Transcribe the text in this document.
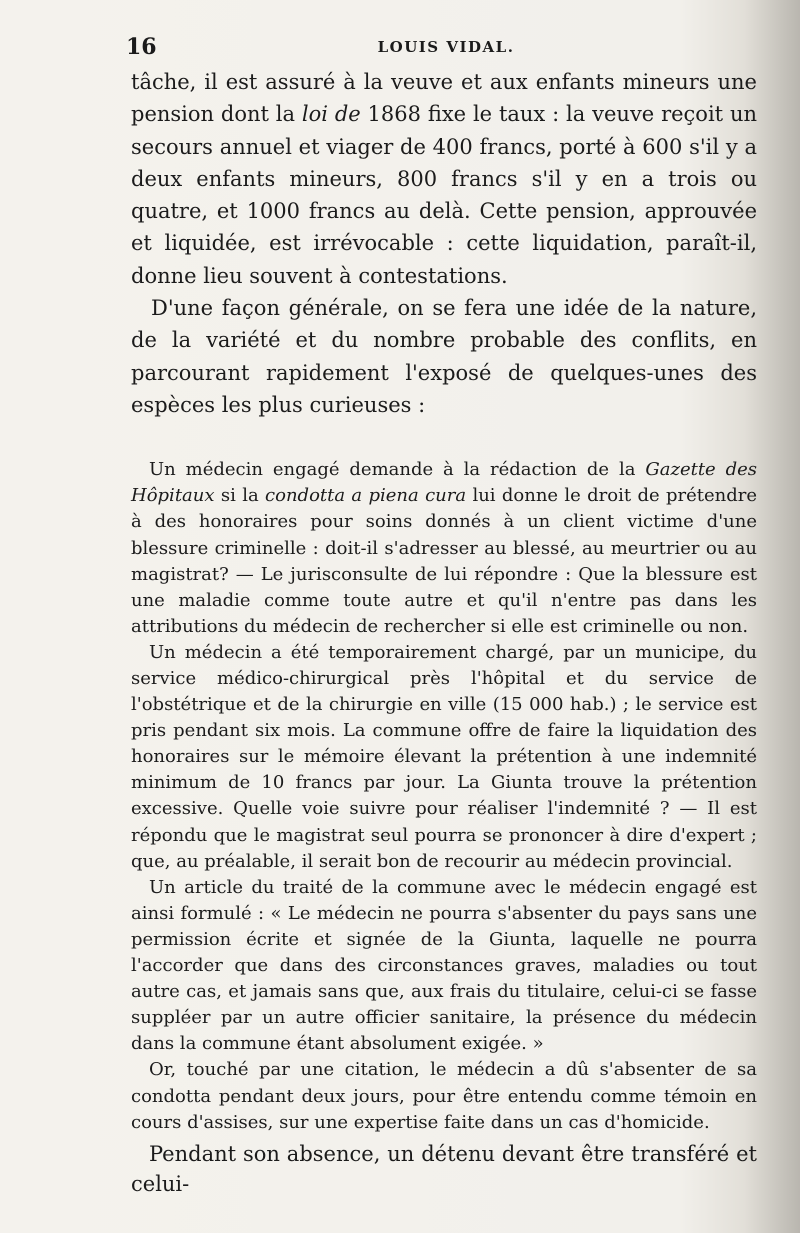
16	LOUIS VIDAL.

tâche, il est assuré à la veuve et aux enfants mineurs une pension dont la loi de 1868 fixe le taux : la veuve reçoit un secours annuel et viager de 400 francs, porté à 600 s'il y a deux enfants mineurs, 800 francs s'il y en a trois ou quatre, et 1000 francs au delà. Cette pension, approuvée et liquidée, est irrévocable : cette liquidation, paraît-il, donne lieu souvent à contestations.

D'une façon générale, on se fera une idée de la nature, de la variété et du nombre probable des conflits, en parcourant rapidement l'exposé de quelques-unes des espèces les plus curieuses :

Un médecin engagé demande à la rédaction de la Gazette des Hôpitaux si la condotta a piena cura lui donne le droit de prétendre à des honoraires pour soins donnés à un client victime d'une blessure criminelle : doit-il s'adresser au blessé, au meurtrier ou au magistrat? — Le jurisconsulte de lui répondre : Que la blessure est une maladie comme toute autre et qu'il n'entre pas dans les attributions du médecin de rechercher si elle est criminelle ou non.

Un médecin a été temporairement chargé, par un municipe, du service médico-chirurgical près l'hôpital et du service de l'obstétrique et de la chirurgie en ville (15 000 hab.) ; le service est pris pendant six mois. La commune offre de faire la liquidation des honoraires sur le mémoire élevant la prétention à une indemnité minimum de 10 francs par jour. La Giunta trouve la prétention excessive. Quelle voie suivre pour réaliser l'indemnité ? — Il est répondu que le magistrat seul pourra se prononcer à dire d'expert ; que, au préalable, il serait bon de recourir au médecin provincial.

Un article du traité de la commune avec le médecin engagé est ainsi formulé : « Le médecin ne pourra s'absenter du pays sans une permission écrite et signée de la Giunta, laquelle ne pourra l'accorder que dans des circonstances graves, maladies ou tout autre cas, et jamais sans que, aux frais du titulaire, celui-ci se fasse suppléer par un autre officier sanitaire, la présence du médecin dans la commune étant absolument exigée. »

Or, touché par une citation, le médecin a dû s'absenter de sa condotta pendant deux jours, pour être entendu comme témoin en cours d'assises, sur une expertise faite dans un cas d'homicide.

Pendant son absence, un détenu devant être transféré et celui-
